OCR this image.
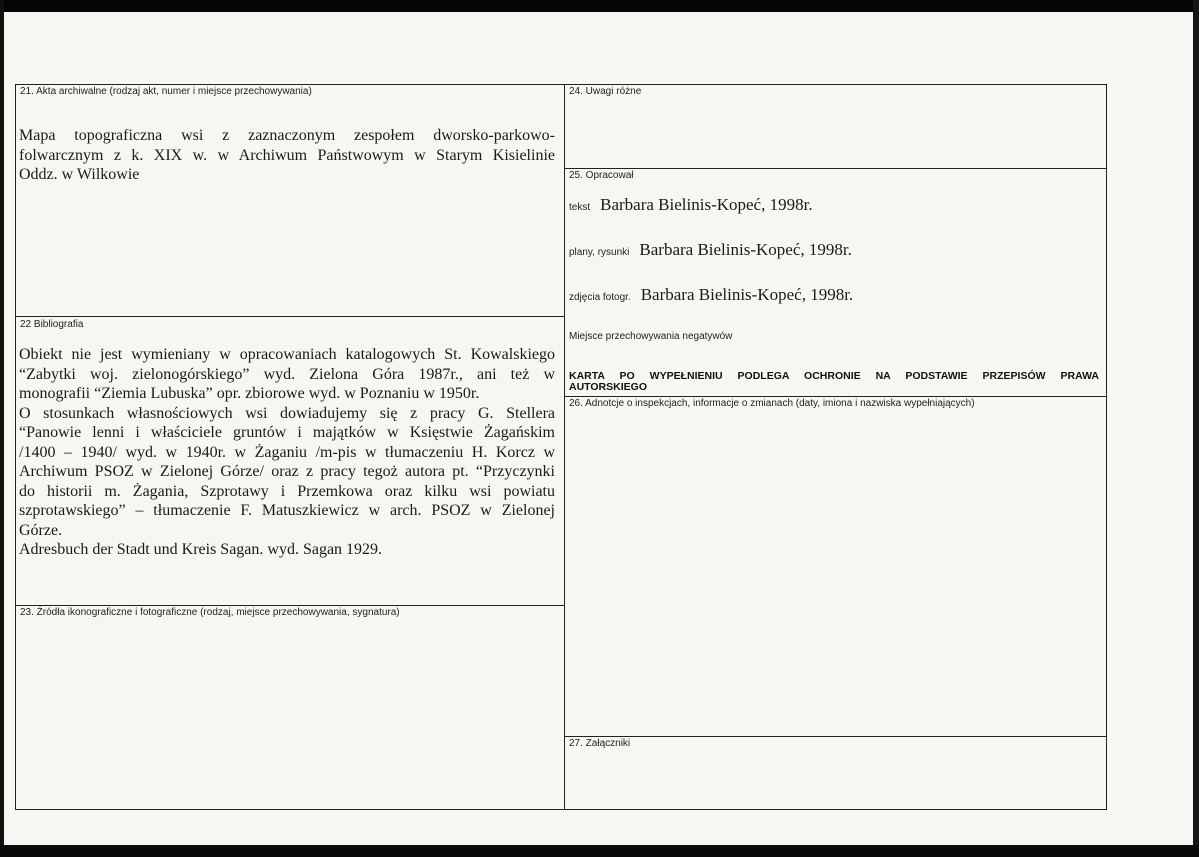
21. Akta archiwalne (rodzaj akt, numer i miejsce przechowywania)

Mapa topograficzna wsi z zaznaczonym zespołem dworsko-parkowo-

folwarcznym z k. XIX w. w Archiwum Państwowym w Starym Kisielinie

Oddz. w Wilkowie

22 Bibliografia

Obiekt nie jest wymieniany w opracowaniach katalogowych St. Kowalskiego

“Zabytki woj. zielonogórskiego” wyd. Zielona Góra 1987r., ani też w

monografii “Ziemia Lubuska” opr. zbiorowe wyd. w Poznaniu w 1950r.

O stosunkach własnościowych wsi dowiadujemy się z pracy G. Stellera

“Panowie lenni i właściciele gruntów i majątków w Księstwie Żagańskim

/1400 – 1940/ wyd. w 1940r. w Żaganiu /m-pis w tłumaczeniu H. Korcz w

Archiwum PSOZ w Zielonej Górze/ oraz z pracy tegoż autora pt. “Przyczynki

do historii m. Żagania, Szprotawy i Przemkowa oraz kilku wsi powiatu

szprotawskiego” – tłumaczenie F. Matuszkiewicz w arch. PSOZ w Zielonej

Górze.

Adresbuch der Stadt und Kreis Sagan. wyd. Sagan 1929.

23. Źródła ikonograficzne i fotograficzne (rodzaj, miejsce przechowywania, sygnatura)
24. Uwagi różne
25. Opracował
tekst Barbara Bielinis-Kopeć, 1998r.
plany, rysunki Barbara Bielinis-Kopeć, 1998r.
zdjęcia fotogr. Barbara Bielinis-Kopeć, 1998r.
Miejsce przechowywania negatywów
KARTA PO WYPEŁNIENIU PODLEGA OCHRONIE NA PODSTAWIE PRZEPISÓW PRAWA
AUTORSKIEGO
26. Adnotcje o inspekcjach, informacje o zmianach (daty, imiona i nazwiska wypełniających)
27. Załączniki
